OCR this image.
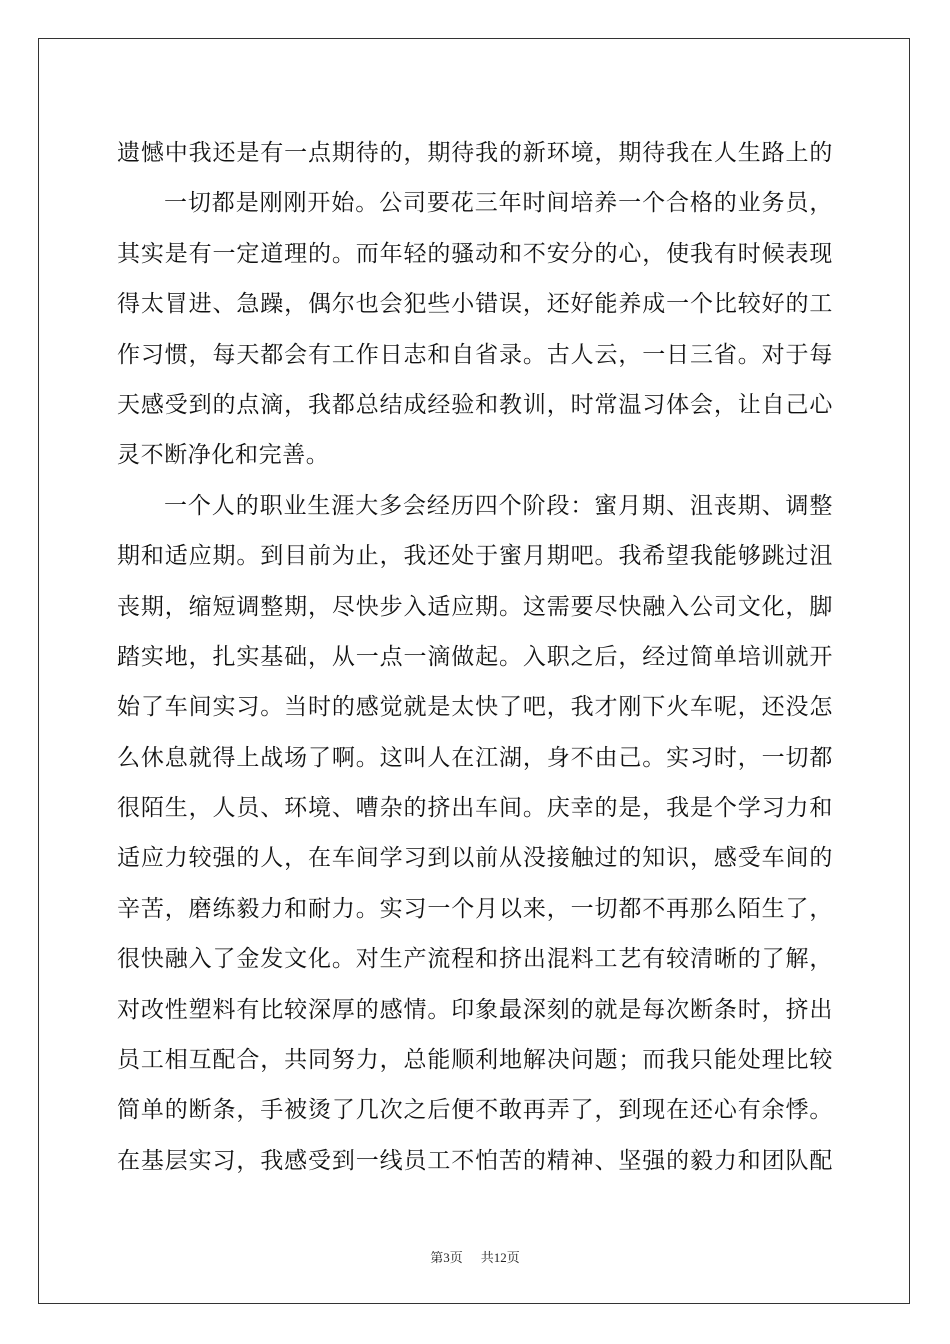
遗憾中我还是有一点期待的，期待我的新环境，期待我在人生路上的
一切都是刚刚开始。公司要花三年时间培养一个合格的业务员，
其实是有一定道理的。而年轻的骚动和不安分的心，使我有时候表现
得太冒进、急躁，偶尔也会犯些小错误，还好能养成一个比较好的工
作习惯，每天都会有工作日志和自省录。古人云，一日三省。对于每
天感受到的点滴，我都总结成经验和教训，时常温习体会，让自己心
灵不断净化和完善。
一个人的职业生涯大多会经历四个阶段：蜜月期、沮丧期、调整
期和适应期。到目前为止，我还处于蜜月期吧。我希望我能够跳过沮
丧期，缩短调整期，尽快步入适应期。这需要尽快融入公司文化，脚
踏实地，扎实基础，从一点一滴做起。入职之后，经过简单培训就开
始了车间实习。当时的感觉就是太快了吧，我才刚下火车呢，还没怎
么休息就得上战场了啊。这叫人在江湖，身不由己。实习时，一切都
很陌生，人员、环境、嘈杂的挤出车间。庆幸的是，我是个学习力和
适应力较强的人，在车间学习到以前从没接触过的知识，感受车间的
辛苦，磨练毅力和耐力。实习一个月以来，一切都不再那么陌生了，
很快融入了金发文化。对生产流程和挤出混料工艺有较清晰的了解，
对改性塑料有比较深厚的感情。印象最深刻的就是每次断条时，挤出
员工相互配合，共同努力，总能顺利地解决问题；而我只能处理比较
简单的断条，手被烫了几次之后便不敢再弄了，到现在还心有余悸。
在基层实习，我感受到一线员工不怕苦的精神、坚强的毅力和团队配
第3页 共12页
